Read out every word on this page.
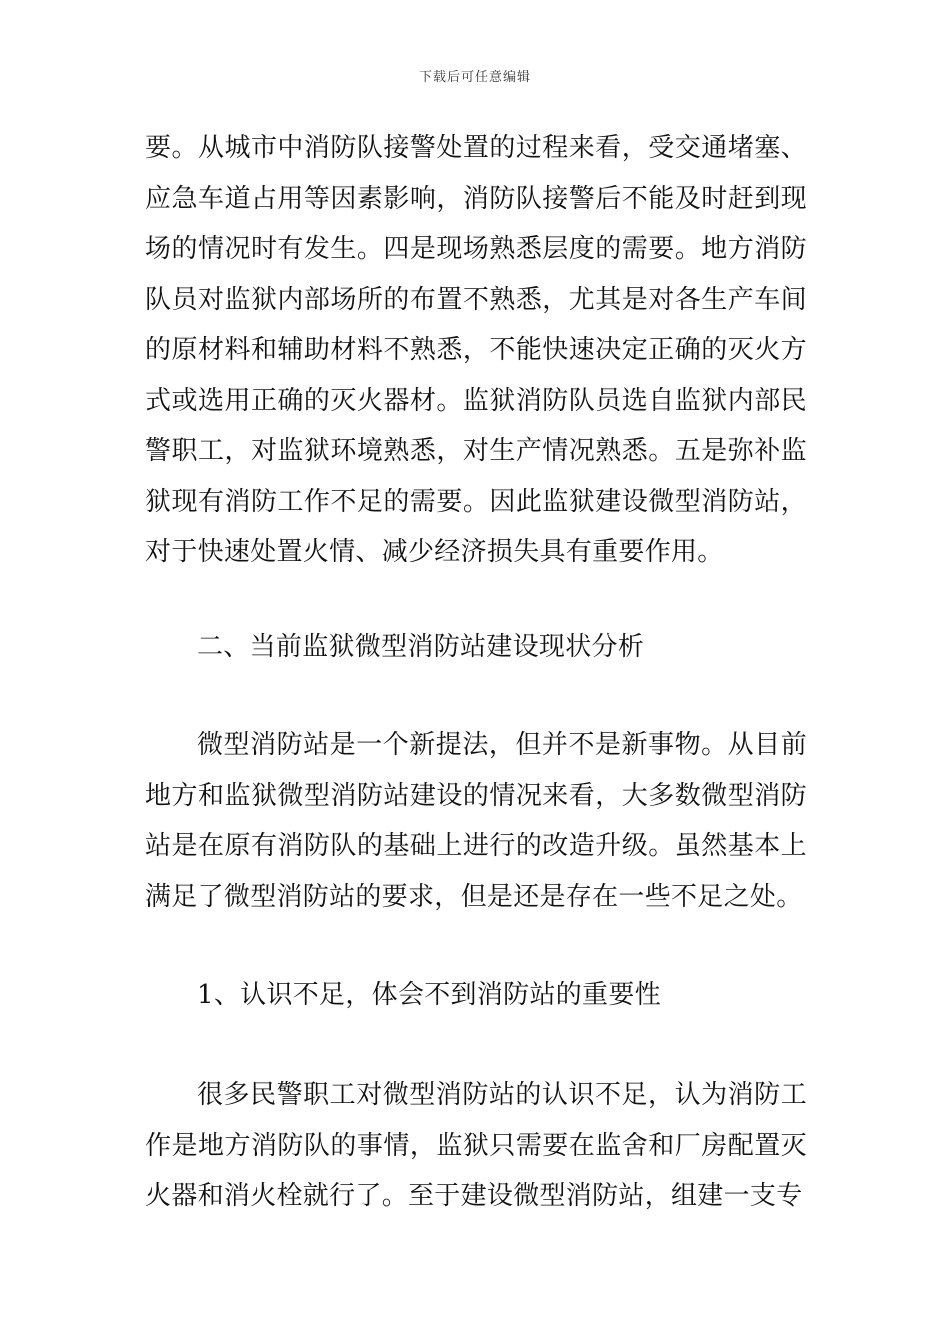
下载后可任意编辑

要。从城市中消防队接警处置的过程来看，受交通堵塞、应急车道占用等因素影响，消防队接警后不能及时赶到现场的情况时有发生。四是现场熟悉层度的需要。地方消防队员对监狱内部场所的布置不熟悉，尤其是对各生产车间的原材料和辅助材料不熟悉，不能快速决定正确的灭火方式或选用正确的灭火器材。监狱消防队员选自监狱内部民警职工，对监狱环境熟悉，对生产情况熟悉。五是弥补监狱现有消防工作不足的需要。因此监狱建设微型消防站，对于快速处置火情、减少经济损失具有重要作用。

二、当前监狱微型消防站建设现状分析

微型消防站是一个新提法，但并不是新事物。从目前地方和监狱微型消防站建设的情况来看，大多数微型消防站是在原有消防队的基础上进行的改造升级。虽然基本上满足了微型消防站的要求，但是还是存在一些不足之处。

1、认识不足，体会不到消防站的重要性

很多民警职工对微型消防站的认识不足，认为消防工作是地方消防队的事情，监狱只需要在监舍和厂房配置灭火器和消火栓就行了。至于建设微型消防站，组建一支专
